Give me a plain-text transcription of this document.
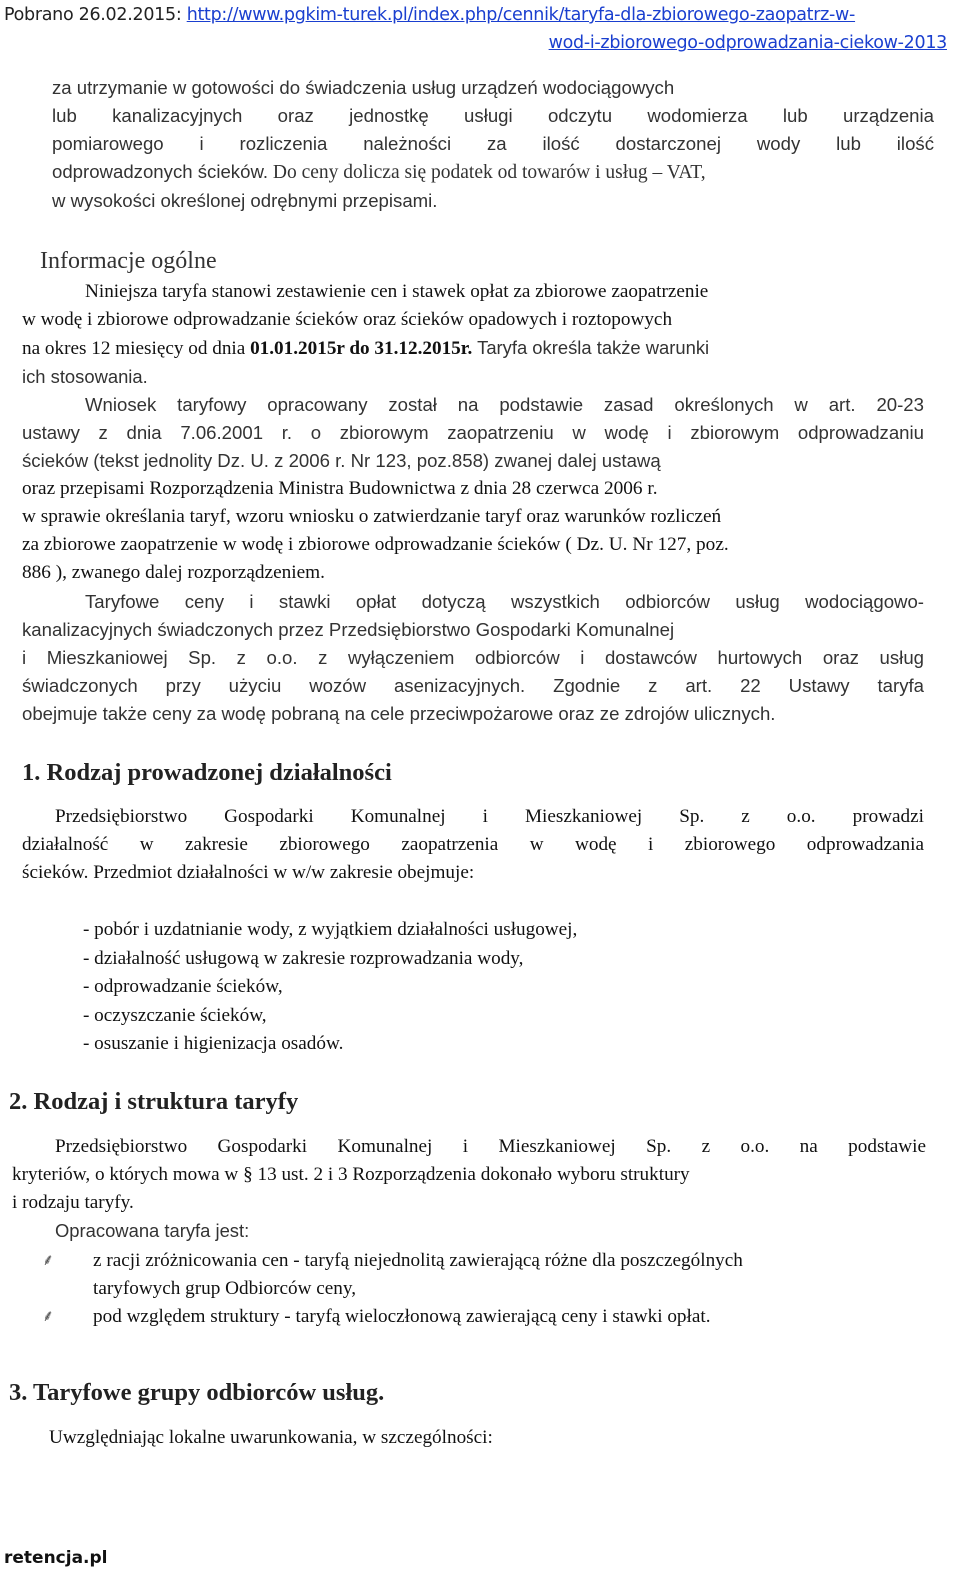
Pobrano 26.02.2015: http://www.pgkim-turek.pl/index.php/cennik/taryfa-dla-zbiorowego-zaopatrz-w-
wod-i-zbiorowego-odprowadzania-ciekow-2013
za utrzymanie w gotowości do świadczenia usług urządzeń wodociągowych
lub kanalizacyjnych oraz jednostkę usługi odczytu wodomierza lub urządzenia
pomiarowego i rozliczenia należności za ilość dostarczonej wody lub ilość
odprowadzonych ścieków. Do ceny dolicza się podatek od towarów i usług – VAT,
w wysokości określonej odrębnymi przepisami.
Informacje ogólne
Niniejsza taryfa stanowi zestawienie cen i stawek opłat za zbiorowe zaopatrzenie
w wodę i zbiorowe odprowadzanie ścieków oraz ścieków opadowych i roztopowych
na okres 12 miesięcy od dnia 01.01.2015r do 31.12.2015r. Taryfa określa także warunki
ich stosowania.
Wniosek taryfowy opracowany został na podstawie zasad określonych w art. 20-23
ustawy z dnia 7.06.2001 r. o zbiorowym zaopatrzeniu w wodę i zbiorowym odprowadzaniu
ścieków (tekst jednolity Dz. U. z 2006 r. Nr 123, poz.858) zwanej dalej ustawą
oraz przepisami Rozporządzenia Ministra Budownictwa z dnia 28 czerwca 2006 r.
w sprawie określania taryf, wzoru wniosku o zatwierdzanie taryf oraz warunków rozliczeń
za zbiorowe zaopatrzenie w wodę i zbiorowe odprowadzanie ścieków ( Dz. U. Nr 127, poz.
886 ), zwanego dalej rozporządzeniem.
Taryfowe ceny i stawki opłat dotyczą wszystkich odbiorców usług wodociągowo-
kanalizacyjnych świadczonych przez Przedsiębiorstwo Gospodarki Komunalnej
i Mieszkaniowej Sp. z o.o. z wyłączeniem odbiorców i dostawców hurtowych oraz usług
świadczonych przy użyciu wozów asenizacyjnych. Zgodnie z art. 22 Ustawy taryfa
obejmuje także ceny za wodę pobraną na cele przeciwpożarowe oraz ze zdrojów ulicznych.
1. Rodzaj prowadzonej działalności
Przedsiębiorstwo Gospodarki Komunalnej i Mieszkaniowej Sp. z o.o. prowadzi
działalność w zakresie zbiorowego zaopatrzenia w wodę i zbiorowego odprowadzania
ścieków. Przedmiot działalności w w/w zakresie obejmuje:
- pobór i uzdatnianie wody, z wyjątkiem działalności usługowej,
- działalność usługową w zakresie rozprowadzania wody,
- odprowadzanie ścieków,
- oczyszczanie ścieków,
- osuszanie i higienizacja osadów.
2. Rodzaj i struktura taryfy
Przedsiębiorstwo Gospodarki Komunalnej i Mieszkaniowej Sp. z o.o. na podstawie
kryteriów, o których mowa w § 13 ust. 2 i 3 Rozporządzenia dokonało wyboru struktury
i rodzaju taryfy.
Opracowana taryfa jest:
⸙ z racji zróżnicowania cen - taryfą niejednolitą zawierającą różne dla poszczególnych
taryfowych grup Odbiorców ceny,
⸙ pod względem struktury - taryfą wieloczłonową zawierającą ceny i stawki opłat.
3. Taryfowe grupy odbiorców usług.
Uwzględniając lokalne uwarunkowania, w szczególności:
retencja.pl
